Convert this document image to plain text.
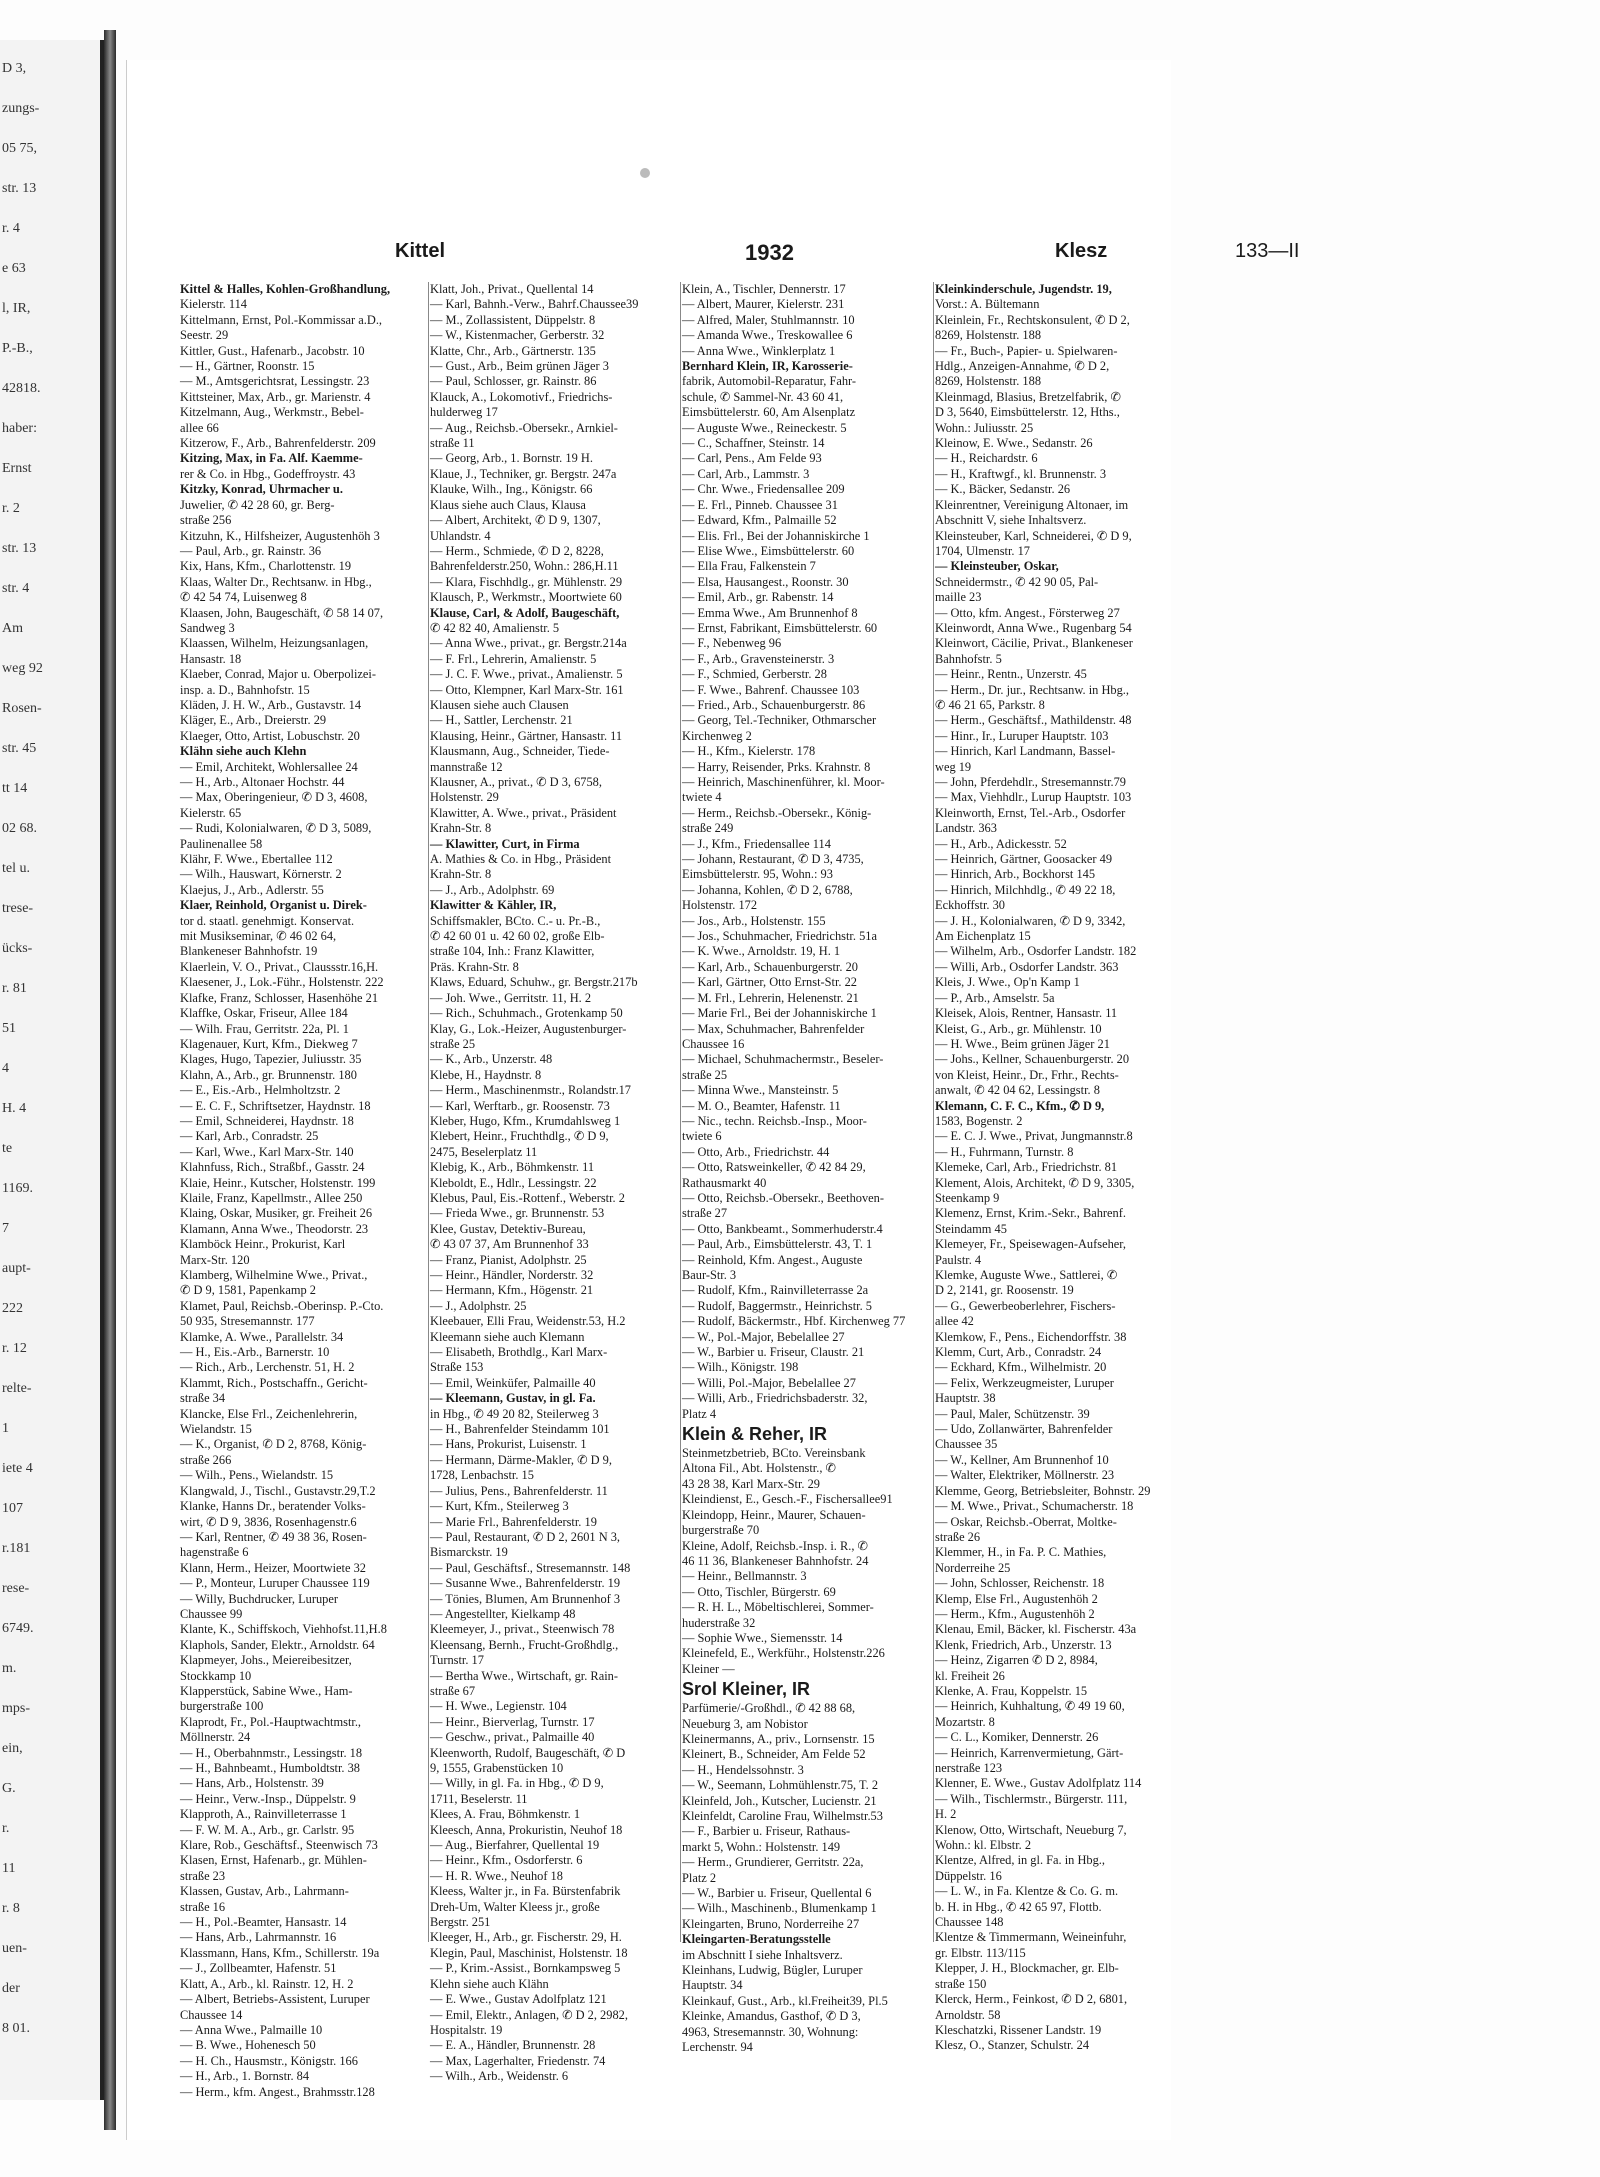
D 3,
zungs-
05 75,
str. 13
r. 4
e 63
l, IR,
P.-B.,
42818.
haber:
Ernst
r. 2
str. 13
str. 4
Am
weg 92
Rosen-
str. 45
tt 14
02 68.
tel u.
trese-
ücks-
r. 81
51
4
H. 4
te
1169.
7
aupt-
222
r. 12
relte-
1
iete 4
107
r.181
rese-
6749.
m.
mps-
ein,
G.
r.
11
r. 8
uen-
der
8 01.
Kittel	1932	Klesz	133—II
Kittel & Halles, Kohlen-Großhandlung,
Kielerstr. 114
Kittelmann, Ernst, Pol.-Kommissar a.D.,
Seestr. 29
Kittler, Gust., Hafenarb., Jacobstr. 10
— H., Gärtner, Roonstr. 15
— M., Amtsgerichtsrat, Lessingstr. 23
Kittsteiner, Max, Arb., gr. Marienstr. 4
Kitzelmann, Aug., Werkmstr., Bebel-
allee 66
Kitzerow, F., Arb., Bahrenfelderstr. 209
Kitzing, Max, in Fa. Alf. Kaemme-
rer & Co. in Hbg., Godeffroystr. 43
Kitzky, Konrad, Uhrmacher u.
Juwelier, ✆ 42 28 60, gr. Berg-
straße 256
Kitzuhn, K., Hilfsheizer, Augustenhöh 3
— Paul, Arb., gr. Rainstr. 36
Kix, Hans, Kfm., Charlottenstr. 19
Klaas, Walter Dr., Rechtsanw. in Hbg.,
✆ 42 54 74, Luisenweg 8
Klaasen, John, Baugeschäft, ✆ 58 14 07,
Sandweg 3
Klaassen, Wilhelm, Heizungsanlagen,
Hansastr. 18
Klaeber, Conrad, Major u. Oberpolizei-
insp. a. D., Bahnhofstr. 15
Kläden, J. H. W., Arb., Gustavstr. 14
Kläger, E., Arb., Dreierstr. 29
Klaeger, Otto, Artist, Lobuschstr. 20
Klähn siehe auch Klehn
— Emil, Architekt, Wohlersallee 24
— H., Arb., Altonaer Hochstr. 44
— Max, Oberingenieur, ✆ D 3, 4608,
Kielerstr. 65
— Rudi, Kolonialwaren, ✆ D 3, 5089,
Paulinenallee 58
Klähr, F. Wwe., Ebertallee 112
— Wilh., Hauswart, Körnerstr. 2
Klaejus, J., Arb., Adlerstr. 55
Klaer, Reinhold, Organist u. Direk-
tor d. staatl. genehmigt. Konservat.
mit Musikseminar, ✆ 46 02 64,
Blankeneser Bahnhofstr. 19
Klaerlein, V. O., Privat., Claussstr.16,H.
Klaesener, J., Lok.-Führ., Holstenstr. 222
Klafke, Franz, Schlosser, Hasenhöhe 21
Klaffke, Oskar, Friseur, Allee 184
— Wilh. Frau, Gerritstr. 22a, Pl. 1
Klagenauer, Kurt, Kfm., Diekweg 7
Klages, Hugo, Tapezier, Juliusstr. 35
Klahn, A., Arb., gr. Brunnenstr. 180
— E., Eis.-Arb., Helmholtzstr. 2
— E. C. F., Schriftsetzer, Haydnstr. 18
— Emil, Schneiderei, Haydnstr. 18
— Karl, Arb., Conradstr. 25
— Karl, Wwe., Karl Marx-Str. 140
Klahnfuss, Rich., Straßbf., Gasstr. 24
Klaie, Heinr., Kutscher, Holstenstr. 199
Klaile, Franz, Kapellmstr., Allee 250
Klaing, Oskar, Musiker, gr. Freiheit 26
Klamann, Anna Wwe., Theodorstr. 23
Klamböck Heinr., Prokurist, Karl
Marx-Str. 120
Klamberg, Wilhelmine Wwe., Privat.,
✆ D 9, 1581, Papenkamp 2
Klamet, Paul, Reichsb.-Oberinsp. P.-Cto.
50 935, Stresemannstr. 177
Klamke, A. Wwe., Parallelstr. 34
— H., Eis.-Arb., Barnerstr. 10
— Rich., Arb., Lerchenstr. 51, H. 2
Klammt, Rich., Postschaffn., Gericht-
straße 34
Klancke, Else Frl., Zeichenlehrerin,
Wielandstr. 15
— K., Organist, ✆ D 2, 8768, König-
straße 266
— Wilh., Pens., Wielandstr. 15
Klangwald, J., Tischl., Gustavstr.29,T.2
Klanke, Hanns Dr., beratender Volks-
wirt, ✆ D 9, 3836, Rosenhagenstr.6
— Karl, Rentner, ✆ 49 38 36, Rosen-
hagenstraße 6
Klann, Herm., Heizer, Moortwiete 32
— P., Monteur, Luruper Chaussee 119
— Willy, Buchdrucker, Luruper
Chaussee 99
Klante, K., Schiffskoch, Viehhofst.11,H.8
Klaphols, Sander, Elektr., Arnoldstr. 64
Klapmeyer, Johs., Meiereibesitzer,
Stockkamp 10
Klapperstück, Sabine Wwe., Ham-
burgerstraße 100
Klaprodt, Fr., Pol.-Hauptwachtmstr.,
Möllnerstr. 24
— H., Oberbahnmstr., Lessingstr. 18
— H., Bahnbeamt., Humboldtstr. 38
— Hans, Arb., Holstenstr. 39
— Heinr., Verw.-Insp., Düppelstr. 9
Klapproth, A., Rainvilleterrasse 1
— F. W. M. A., Arb., gr. Carlstr. 95
Klare, Rob., Geschäftsf., Steenwisch 73
Klasen, Ernst, Hafenarb., gr. Mühlen-
straße 23
Klassen, Gustav, Arb., Lahrmann-
straße 16
— H., Pol.-Beamter, Hansastr. 14
— Hans, Arb., Lahrmannstr. 16
Klassmann, Hans, Kfm., Schillerstr. 19a
— J., Zollbeamter, Hafenstr. 51
Klatt, A., Arb., kl. Rainstr. 12, H. 2
— Albert, Betriebs-Assistent, Luruper
Chaussee 14
— Anna Wwe., Palmaille 10
— B. Wwe., Hohenesch 50
— H. Ch., Hausmstr., Königstr. 166
— H., Arb., 1. Bornstr. 84
— Herm., kfm. Angest., Brahmsstr.128
Klatt, Joh., Privat., Quellental 14
— Karl, Bahnh.-Verw., Bahrf.Chaussee39
— M., Zollassistent, Düppelstr. 8
— W., Kistenmacher, Gerberstr. 32
Klatte, Chr., Arb., Gärtnerstr. 135
— Gust., Arb., Beim grünen Jäger 3
— Paul, Schlosser, gr. Rainstr. 86
Klauck, A., Lokomotivf., Friedrichs-
hulderweg 17
— Aug., Reichsb.-Obersekr., Arnkiel-
straße 11
— Georg, Arb., 1. Bornstr. 19 H.
Klaue, J., Techniker, gr. Bergstr. 247a
Klauke, Wilh., Ing., Königstr. 66
Klaus siehe auch Claus, Klausa
— Albert, Architekt, ✆ D 9, 1307,
Uhlandstr. 4
— Herm., Schmiede, ✆ D 2, 8228,
Bahrenfelderstr.250, Wohn.: 286,H.11
— Klara, Fischhdlg., gr. Mühlenstr. 29
Klausch, P., Werkmstr., Moortwiete 60
Klause, Carl, & Adolf, Baugeschäft,
✆ 42 82 40, Amalienstr. 5
— Anna Wwe., privat., gr. Bergstr.214a
— F. Frl., Lehrerin, Amalienstr. 5
— J. C. F. Wwe., privat., Amalienstr. 5
— Otto, Klempner, Karl Marx-Str. 161
Klausen siehe auch Clausen
— H., Sattler, Lerchenstr. 21
Klausing, Heinr., Gärtner, Hansastr. 11
Klausmann, Aug., Schneider, Tiede-
mannstraße 12
Klausner, A., privat., ✆ D 3, 6758,
Holstenstr. 29
Klawitter, A. Wwe., privat., Präsident
Krahn-Str. 8
— Klawitter, Curt, in Firma
A. Mathies & Co. in Hbg., Präsident
Krahn-Str. 8
— J., Arb., Adolphstr. 69
Klawitter & Kähler, IR,
Schiffsmakler, BCto. C.- u. Pr.-B.,
✆ 42 60 01 u. 42 60 02, große Elb-
straße 104, Inh.: Franz Klawitter,
Präs. Krahn-Str. 8
Klaws, Eduard, Schuhw., gr. Bergstr.217b
— Joh. Wwe., Gerritstr. 11, H. 2
— Rich., Schuhmach., Grotenkamp 50
Klay, G., Lok.-Heizer, Augustenburger-
straße 25
— K., Arb., Unzerstr. 48
Klebe, H., Haydnstr. 8
— Herm., Maschinenmstr., Rolandstr.17
— Karl, Werftarb., gr. Roosenstr. 73
Kleber, Hugo, Kfm., Krumdahlsweg 1
Klebert, Heinr., Fruchthdlg., ✆ D 9,
2475, Beselerplatz 11
Klebig, K., Arb., Böhmkenstr. 11
Kleboldt, E., Hdlr., Lessingstr. 22
Klebus, Paul, Eis.-Rottenf., Weberstr. 2
— Frieda Wwe., gr. Brunnenstr. 53
Klee, Gustav, Detektiv-Bureau,
✆ 43 07 37, Am Brunnenhof 33
— Franz, Pianist, Adolphstr. 25
— Heinr., Händler, Norderstr. 32
— Hermann, Kfm., Högenstr. 21
— J., Adolphstr. 25
Kleebauer, Elli Frau, Weidenstr.53, H.2
Kleemann siehe auch Klemann
— Elisabeth, Brothdlg., Karl Marx-
Straße 153
— Emil, Weinküfer, Palmaille 40
— Kleemann, Gustav, in gl. Fa.
in Hbg., ✆ 49 20 82, Steilerweg 3
— H., Bahrenfelder Steindamm 101
— Hans, Prokurist, Luisenstr. 1
— Hermann, Därme-Makler, ✆ D 9,
1728, Lenbachstr. 15
— Julius, Pens., Bahrenfelderstr. 11
— Kurt, Kfm., Steilerweg 3
— Marie Frl., Bahrenfelderstr. 19
— Paul, Restaurant, ✆ D 2, 2601 N 3,
Bismarckstr. 19
— Paul, Geschäftsf., Stresemannstr. 148
— Susanne Wwe., Bahrenfelderstr. 19
— Tönies, Blumen, Am Brunnenhof 3
— Angestellter, Kielkamp 48
Kleemeyer, J., privat., Steenwisch 78
Kleensang, Bernh., Frucht-Großhdlg.,
Turnstr. 17
— Bertha Wwe., Wirtschaft, gr. Rain-
straße 67
— H. Wwe., Legienstr. 104
— Heinr., Bierverlag, Turnstr. 17
— Geschw., privat., Palmaille 40
Kleenworth, Rudolf, Baugeschäft, ✆ D
9, 1555, Grabenstücken 10
— Willy, in gl. Fa. in Hbg., ✆ D 9,
1711, Beselerstr. 11
Klees, A. Frau, Böhmkenstr. 1
Kleesch, Anna, Prokuristin, Neuhof 18
— Aug., Bierfahrer, Quellental 19
— Heinr., Kfm., Osdorferstr. 6
— H. R. Wwe., Neuhof 18
Kleess, Walter jr., in Fa. Bürstenfabrik
Dreh-Um, Walter Kleess jr., große
Bergstr. 251
Kleeger, H., Arb., gr. Fischerstr. 29, H.
Klegin, Paul, Maschinist, Holstenstr. 18
— P., Krim.-Assist., Bornkampsweg 5
Klehn siehe auch Klähn
— E. Wwe., Gustav Adolfplatz 121
— Emil, Elektr., Anlagen, ✆ D 2, 2982,
Hospitalstr. 19
— E. A., Händler, Brunnenstr. 28
— Max, Lagerhalter, Friedenstr. 74
— Wilh., Arb., Weidenstr. 6
Klein, A., Tischler, Dennerstr. 17
— Albert, Maurer, Kielerstr. 231
— Alfred, Maler, Stuhlmannstr. 10
— Amanda Wwe., Treskowallee 6
— Anna Wwe., Winklerplatz 1
Bernhard Klein, IR, Karosserie-
fabrik, Automobil-Reparatur, Fahr-
schule, ✆ Sammel-Nr. 43 60 41,
Eimsbüttelerstr. 60, Am Alsenplatz
— Auguste Wwe., Reineckestr. 5
— C., Schaffner, Steinstr. 14
— Carl, Pens., Am Felde 93
— Carl, Arb., Lammstr. 3
— Chr. Wwe., Friedensallee 209
— E. Frl., Pinneb. Chaussee 31
— Edward, Kfm., Palmaille 52
— Elis. Frl., Bei der Johanniskirche 1
— Elise Wwe., Eimsbüttelerstr. 60
— Ella Frau, Falkenstein 7
— Elsa, Hausangest., Roonstr. 30
— Emil, Arb., gr. Rabenstr. 14
— Emma Wwe., Am Brunnenhof 8
— Ernst, Fabrikant, Eimsbüttelerstr. 60
— F., Nebenweg 96
— F., Arb., Gravensteinerstr. 3
— F., Schmied, Gerberstr. 28
— F. Wwe., Bahrenf. Chaussee 103
— Fried., Arb., Schauenburgerstr. 86
— Georg, Tel.-Techniker, Othmarscher
Kirchenweg 2
— H., Kfm., Kielerstr. 178
— Harry, Reisender, Prks. Krahnstr. 8
— Heinrich, Maschinenführer, kl. Moor-
twiete 4
— Herm., Reichsb.-Obersekr., König-
straße 249
— J., Kfm., Friedensallee 114
— Johann, Restaurant, ✆ D 3, 4735,
Eimsbüttelerstr. 95, Wohn.: 93
— Johanna, Kohlen, ✆ D 2, 6788,
Holstenstr. 172
— Jos., Arb., Holstenstr. 155
— Jos., Schuhmacher, Friedrichstr. 51a
— K. Wwe., Arnoldstr. 19, H. 1
— Karl, Arb., Schauenburgerstr. 20
— Karl, Gärtner, Otto Ernst-Str. 22
— M. Frl., Lehrerin, Helenenstr. 21
— Marie Frl., Bei der Johanniskirche 1
— Max, Schuhmacher, Bahrenfelder
Chaussee 16
— Michael, Schuhmachermstr., Beseler-
straße 25
— Minna Wwe., Mansteinstr. 5
— M. O., Beamter, Hafenstr. 11
— Nic., techn. Reichsb.-Insp., Moor-
twiete 6
— Otto, Arb., Friedrichstr. 44
— Otto, Ratsweinkeller, ✆ 42 84 29,
Rathausmarkt 40
— Otto, Reichsb.-Obersekr., Beethoven-
straße 27
— Otto, Bankbeamt., Sommerhuderstr.4
— Paul, Arb., Eimsbüttelerstr. 43, T. 1
— Reinhold, Kfm. Angest., Auguste
Baur-Str. 3
— Rudolf, Kfm., Rainvilleterrasse 2a
— Rudolf, Baggermstr., Heinrichstr. 5
— Rudolf, Bäckermstr., Hbf. Kirchenweg 77
— W., Pol.-Major, Bebelallee 27
— W., Barbier u. Friseur, Claustr. 21
— Wilh., Königstr. 198
— Willi, Pol.-Major, Bebelallee 27
— Willi, Arb., Friedrichsbaderstr. 32,
Platz 4
Klein & Reher, IR
Steinmetzbetrieb, BCto. Vereinsbank
Altona Fil., Abt. Holstenstr., ✆
43 28 38, Karl Marx-Str. 29
Kleindienst, E., Gesch.-F., Fischersallee91
Kleindopp, Heinr., Maurer, Schauen-
burgerstraße 70
Kleine, Adolf, Reichsb.-Insp. i. R., ✆
46 11 36, Blankeneser Bahnhofstr. 24
— Heinr., Bellmannstr. 3
— Otto, Tischler, Bürgerstr. 69
— R. H. L., Möbeltischlerei, Sommer-
huderstraße 32
— Sophie Wwe., Siemensstr. 14
Kleinefeld, E., Werkführ., Holstenstr.226
Kleiner —
Srol Kleiner, IR
Parfümerie/-Großhdl., ✆ 42 88 68,
Neueburg 3, am Nobistor
Kleinermanns, A., priv., Lornsenstr. 15
Kleinert, B., Schneider, Am Felde 52
— H., Hendelssohnstr. 3
— W., Seemann, Lohmühlenstr.75, T. 2
Kleinfeld, Joh., Kutscher, Lucienstr. 21
Kleinfeldt, Caroline Frau, Wilhelmstr.53
— F., Barbier u. Friseur, Rathaus-
markt 5, Wohn.: Holstenstr. 149
— Herm., Grundierer, Gerritstr. 22a,
Platz 2
— W., Barbier u. Friseur, Quellental 6
— Wilh., Maschinenb., Blumenkamp 1
Kleingarten, Bruno, Norderreihe 27
Kleingarten-Beratungsstelle
im Abschnitt I siehe Inhaltsverz.
Kleinhans, Ludwig, Bügler, Luruper
Hauptstr. 34
Kleinkauf, Gust., Arb., kl.Freiheit39, Pl.5
Kleinke, Amandus, Gasthof, ✆ D 3,
4963, Stresemannstr. 30, Wohnung:
Lerchenstr. 94
Kleinkinderschule, Jugendstr. 19,
Vorst.: A. Bültemann
Kleinlein, Fr., Rechtskonsulent, ✆ D 2,
8269, Holstenstr. 188
— Fr., Buch-, Papier- u. Spielwaren-
Hdlg., Anzeigen-Annahme, ✆ D 2,
8269, Holstenstr. 188
Kleinmagd, Blasius, Bretzelfabrik, ✆
D 3, 5640, Eimsbüttelerstr. 12, Hths.,
Wohn.: Juliusstr. 25
Kleinow, E. Wwe., Sedanstr. 26
— H., Reichardstr. 6
— H., Kraftwgf., kl. Brunnenstr. 3
— K., Bäcker, Sedanstr. 26
Kleinrentner, Vereinigung Altonaer, im
Abschnitt V, siehe Inhaltsverz.
Kleinsteuber, Karl, Schneiderei, ✆ D 9,
1704, Ulmenstr. 17
— Kleinsteuber, Oskar,
Schneidermstr., ✆ 42 90 05, Pal-
maille 23
— Otto, kfm. Angest., Försterweg 27
Kleinwordt, Anna Wwe., Rugenbarg 54
Kleinwort, Cäcilie, Privat., Blankeneser
Bahnhofstr. 5
— Heinr., Rentn., Unzerstr. 45
— Herm., Dr. jur., Rechtsanw. in Hbg.,
✆ 46 21 65, Parkstr. 8
— Herm., Geschäftsf., Mathildenstr. 48
— Hinr., Ir., Luruper Hauptstr. 103
— Hinrich, Karl Landmann, Bassel-
weg 19
— John, Pferdehdlr., Stresemannstr.79
— Max, Viehhdlr., Lurup Hauptstr. 103
Kleinworth, Ernst, Tel.-Arb., Osdorfer
Landstr. 363
— H., Arb., Adickesstr. 52
— Heinrich, Gärtner, Goosacker 49
— Hinrich, Arb., Bockhorst 145
— Hinrich, Milchhdlg., ✆ 49 22 18,
Eckhoffstr. 30
— J. H., Kolonialwaren, ✆ D 9, 3342,
Am Eichenplatz 15
— Wilhelm, Arb., Osdorfer Landstr. 182
— Willi, Arb., Osdorfer Landstr. 363
Kleis, J. Wwe., Op'n Kamp 1
— P., Arb., Amselstr. 5a
Kleisek, Alois, Rentner, Hansastr. 11
Kleist, G., Arb., gr. Mühlenstr. 10
— H. Wwe., Beim grünen Jäger 21
— Johs., Kellner, Schauenburgerstr. 20
von Kleist, Heinr., Dr., Frhr., Rechts-
anwalt, ✆ 42 04 62, Lessingstr. 8
Klemann, C. F. C., Kfm., ✆ D 9,
1583, Bogenstr. 2
— E. C. J. Wwe., Privat, Jungmannstr.8
— H., Fuhrmann, Turnstr. 8
Klemeke, Carl, Arb., Friedrichstr. 81
Klement, Alois, Architekt, ✆ D 9, 3305,
Steenkamp 9
Klemenz, Ernst, Krim.-Sekr., Bahrenf.
Steindamm 45
Klemeyer, Fr., Speisewagen-Aufseher,
Paulstr. 4
Klemke, Auguste Wwe., Sattlerei, ✆
D 2, 2141, gr. Roosenstr. 19
— G., Gewerbeoberlehrer, Fischers-
allee 42
Klemkow, F., Pens., Eichendorffstr. 38
Klemm, Curt, Arb., Conradstr. 24
— Eckhard, Kfm., Wilhelmistr. 20
— Felix, Werkzeugmeister, Luruper
Hauptstr. 38
— Paul, Maler, Schützenstr. 39
— Udo, Zollanwärter, Bahrenfelder
Chaussee 35
— W., Kellner, Am Brunnenhof 10
— Walter, Elektriker, Möllnerstr. 23
Klemme, Georg, Betriebsleiter, Bohnstr. 29
— M. Wwe., Privat., Schumacherstr. 18
— Oskar, Reichsb.-Oberrat, Moltke-
straße 26
Klemmer, H., in Fa. P. C. Mathies,
Norderreihe 25
— John, Schlosser, Reichenstr. 18
Klemp, Else Frl., Augustenhöh 2
— Herm., Kfm., Augustenhöh 2
Klenau, Emil, Bäcker, kl. Fischerstr. 43a
Klenk, Friedrich, Arb., Unzerstr. 13
— Heinz, Zigarren ✆ D 2, 8984,
kl. Freiheit 26
Klenke, A. Frau, Koppelstr. 15
— Heinrich, Kuhhaltung, ✆ 49 19 60,
Mozartstr. 8
— C. L., Komiker, Dennerstr. 26
— Heinrich, Karrenvermietung, Gärt-
nerstraße 123
Klenner, E. Wwe., Gustav Adolfplatz 114
— Wilh., Tischlermstr., Bürgerstr. 111,
H. 2
Klenow, Otto, Wirtschaft, Neueburg 7,
Wohn.: kl. Elbstr. 2
Klentze, Alfred, in gl. Fa. in Hbg.,
Düppelstr. 16
— L. W., in Fa. Klentze & Co. G. m.
b. H. in Hbg., ✆ 42 65 97, Flottb.
Chaussee 148
Klentze & Timmermann, Weineinfuhr,
gr. Elbstr. 113/115
Klepper, J. H., Blockmacher, gr. Elb-
straße 150
Klerck, Herm., Feinkost, ✆ D 2, 6801,
Arnoldstr. 58
Kleschatzki, Rissener Landstr. 19
Klesz, O., Stanzer, Schulstr. 24
